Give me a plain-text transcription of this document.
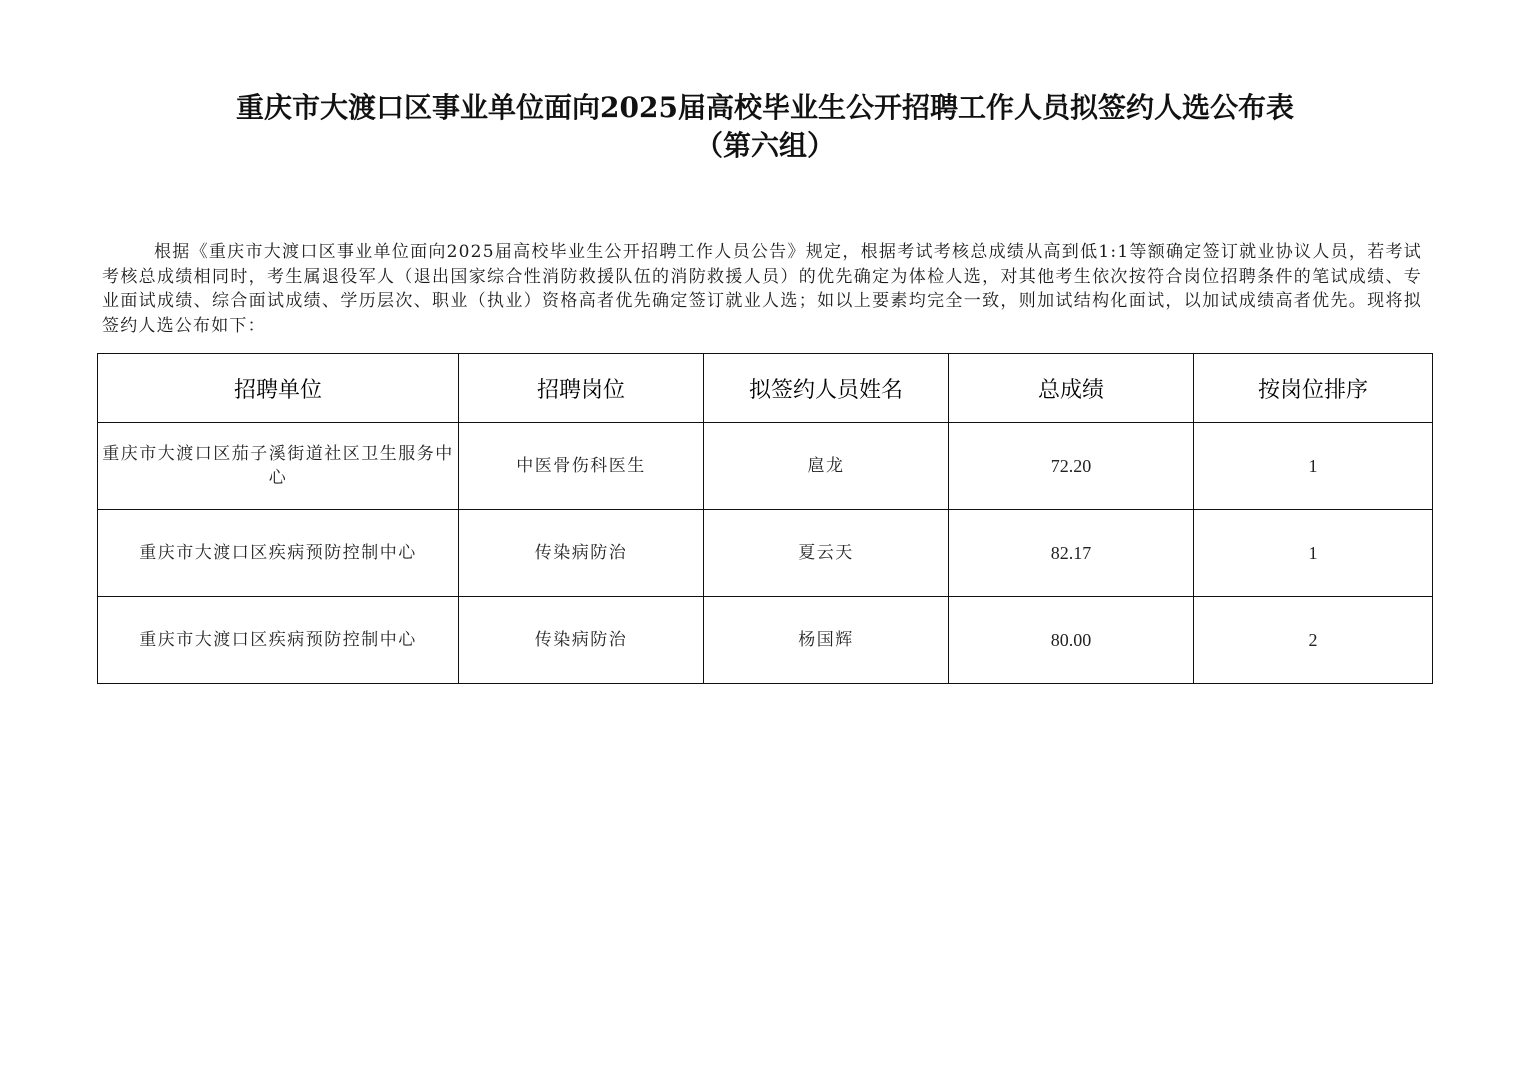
重庆市大渡口区事业单位面向2025届高校毕业生公开招聘工作人员拟签约人选公布表
（第六组）

根据《重庆市大渡口区事业单位面向2025届高校毕业生公开招聘工作人员公告》规定，根据考试考核总成绩从高到低1:1等额确定签订就业协议人员，若考试考核总成绩相同时，考生属退役军人（退出国家综合性消防救援队伍的消防救援人员）的优先确定为体检人选，对其他考生依次按符合岗位招聘条件的笔试成绩、专业面试成绩、综合面试成绩、学历层次、职业（执业）资格高者优先确定签订就业人选；如以上要素均完全一致，则加试结构化面试，以加试成绩高者优先。现将拟签约人选公布如下：

招聘单位	招聘岗位	拟签约人员姓名	总成绩	按岗位排序
重庆市大渡口区茄子溪街道社区卫生服务中心	中医骨伤科医生	扈龙	72.20	1
重庆市大渡口区疾病预防控制中心	传染病防治	夏云天	82.17	1
重庆市大渡口区疾病预防控制中心	传染病防治	杨国辉	80.00	2
